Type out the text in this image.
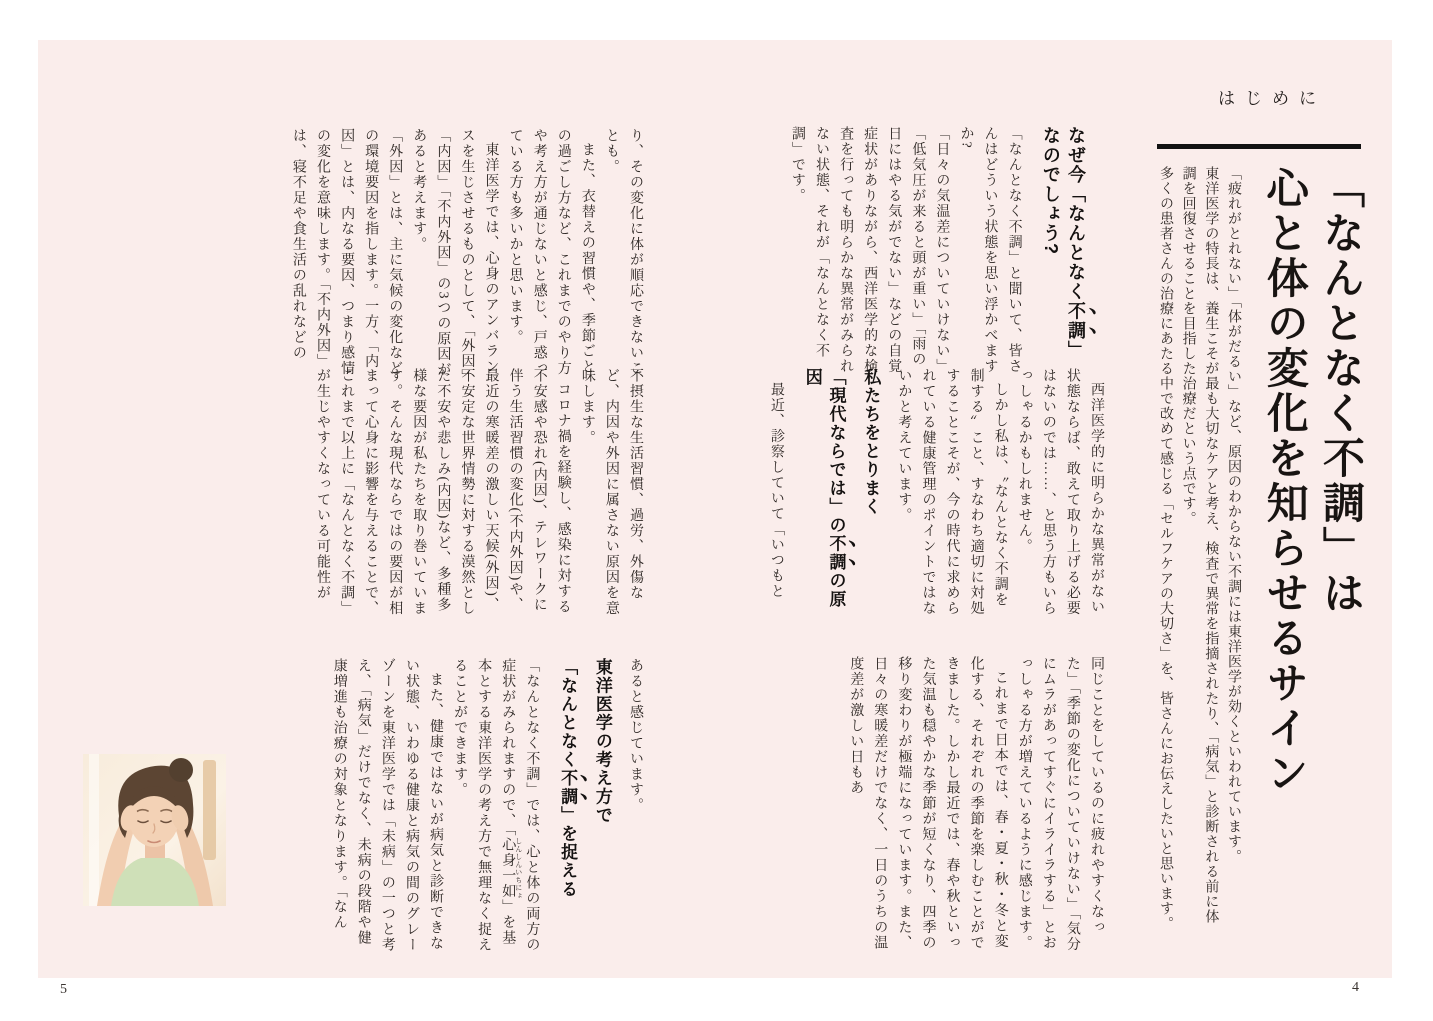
はじめに
「なんとなく不調」は
心と体の変化を知らせるサイン

「疲れがとれない」「体がだるい」など、原因のわからない不調には東洋医学が効くといわれています。

東洋医学の特長は、養生こそが最も大切なケアと考え、検査で異常を指摘されたり、「病気」と診断される前に体調を回復させることを目指した治療だという点です。

多くの患者さんの治療にあたる中で改めて感じる「セルフケアの大切さ」を、皆さんにお伝えしたいと思います。

なぜ今「なんとなく不調」
なのでしょう?

「なんとなく不調」と聞いて、皆さんはどういう状態を思い浮かべますか?

「日々の気温差についていけない」「低気圧が来ると頭が重い」「雨の日にはやる気がでない」などの自覚症状がありながら、西洋医学的な検査を行っても明らかな異常がみられない状態、それが「なんとなく不調」です。

西洋医学的に明らかな異常がない状態ならば、敢えて取り上げる必要はないのでは……、と思う方もいらっしゃるかもしれません。

しかし私は、〝なんとなく不調を制する〟こと、すなわち適切に対処することこそが、今の時代に求められている健康管理のポイントではないかと考えています。

私たちをとりまく
「現代ならでは」の不調の原因

最近、診察していて「いつもと

同じことをしているのに疲れやすくなった」「季節の変化についていけない」「気分にムラがあってすぐにイライラする」とおっしゃる方が増えているように感じます。

これまで日本では、春・夏・秋・冬と変化する、それぞれの季節を楽しむことができました。しかし最近では、春や秋といった気温も穏やかな季節が短くなり、四季の移り変わりが極端になっています。また、日々の寒暖差だけでなく、一日のうちの温度差が激しい日もあ

り、その変化に体が順応できないことも。

また、衣替えの習慣や、季節ごとの過ごし方など、これまでのやり方や考え方が通じないと感じ、戸惑っている方も多いかと思います。

東洋医学では、心身のアンバランスを生じさせるものとして、「外因」「内因」「不内外因」の3つの原因があると考えます。

「外因」とは、主に気候の変化などの環境要因を指します。一方、「内因」とは、内なる要因、つまり感情の変化を意味します。「不内外因」は、寝不足や食生活の乱れなどの

不摂生な生活習慣、過労、外傷など、内因や外因に属さない原因を意味します。

コロナ禍を経験し、感染に対する不安感や恐れ(内因)、テレワークに伴う生活習慣の変化(不内外因)や、最近の寒暖差の激しい天候(外因)、不安定な世界情勢に対する漠然とした不安や悲しみ(内因)など、多種多様な要因が私たちを取り巻いています。そんな現代ならではの要因が相まって心身に影響を与えることで、これまで以上に「なんとなく不調」が生じやすくなっている可能性が

あると感じています。

東洋医学の考え方で
「なんとなく不調」を捉える

「なんとなく不調」では、心と体の両方の症状がみられますので、「心身一如 しんしんいちにょ」を基本とする東洋医学の考え方で無理なく捉えることができます。

また、健康ではないが病気と診断できない状態、いわゆる健康と病気の間のグレーゾーンを東洋医学では「未病」の一つと考え、「病気」だけでなく、未病の段階や健康増進も治療の対象となります。「なん

5	4
